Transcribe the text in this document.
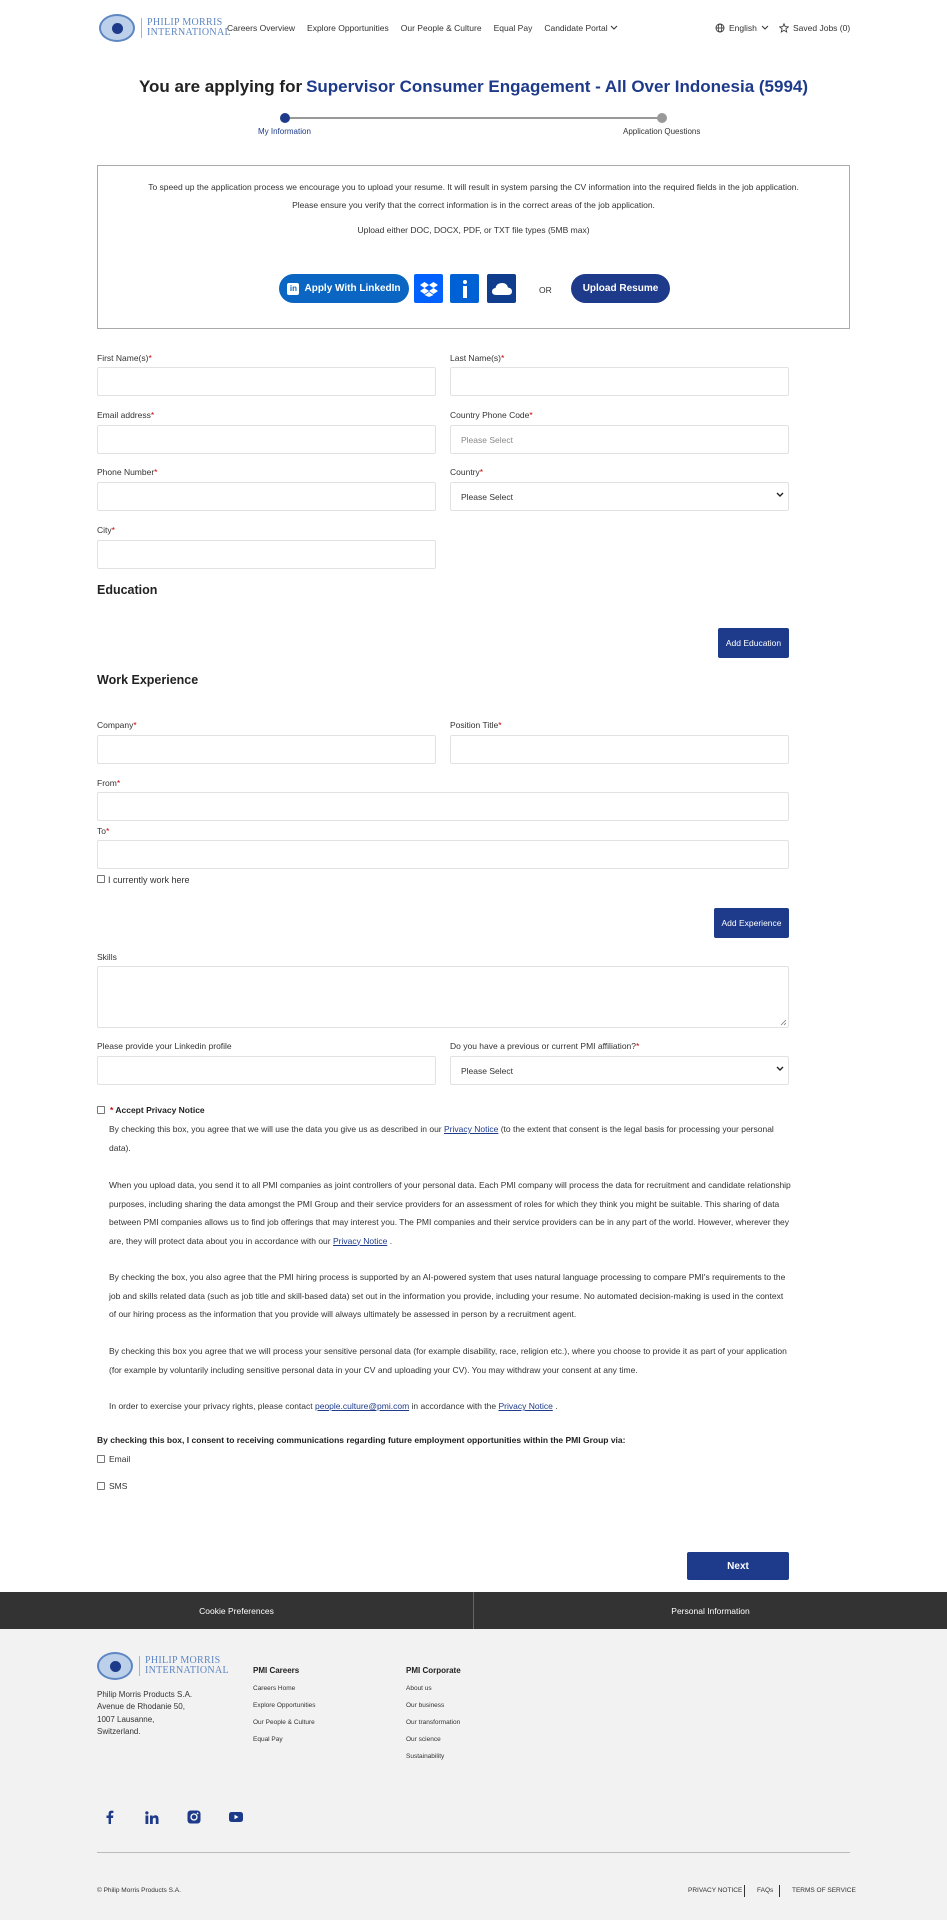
PHILIP MORRIS
INTERNATIONAL
Careers Overview Explore Opportunities Our People & Culture Equal Pay Candidate Portal	English	Saved Jobs (0)
You are applying for Supervisor Consumer Engagement - All Over Indonesia (5994)
My Information	Application Questions
To speed up the application process we encourage you to upload your resume. It will result in system parsing the CV information into the required fields in the job application.
Please ensure you verify that the correct information is in the correct areas of the job application.
Upload either DOC, DOCX, PDF, or TXT file types (5MB max)
in Apply With LinkedIn	OR	Upload Resume
First Name(s)*	Last Name(s)*
Email address*	Country Phone Code*
Please Select
Phone Number*	Country*
Please Select
City*
Education
Add Education
Work Experience
Company*	Position Title*
From*
To*
I currently work here
Add Experience
Skills
Please provide your Linkedin profile	Do you have a previous or current PMI affiliation?*
Please Select
* Accept Privacy Notice
By checking this box, you agree that we will use the data you give us as described in our Privacy Notice (to the extent that consent is the legal basis for processing your personal data).
When you upload data, you send it to all PMI companies as joint controllers of your personal data. Each PMI company will process the data for recruitment and candidate relationship purposes, including sharing the data amongst the PMI Group and their service providers for an assessment of roles for which they think you might be suitable. This sharing of data between PMI companies allows us to find job offerings that may interest you. The PMI companies and their service providers can be in any part of the world. However, wherever they are, they will protect data about you in accordance with our Privacy Notice .
By checking the box, you also agree that the PMI hiring process is supported by an AI-powered system that uses natural language processing to compare PMI's requirements to the job and skills related data (such as job title and skill-based data) set out in the information you provide, including your resume. No automated decision-making is used in the context of our hiring process as the information that you provide will always ultimately be assessed in person by a recruitment agent.
By checking this box you agree that we will process your sensitive personal data (for example disability, race, religion etc.), where you choose to provide it as part of your application (for example by voluntarily including sensitive personal data in your CV and uploading your CV). You may withdraw your consent at any time.
In order to exercise your privacy rights, please contact people.culture@pmi.com in accordance with the Privacy Notice .
By checking this box, I consent to receiving communications regarding future employment opportunities within the PMI Group via:
Email
SMS
Next
Cookie Preferences	Personal Information
PHILIP MORRIS
INTERNATIONAL
Philip Morris Products S.A.
Avenue de Rhodanie 50,
1007 Lausanne,
Switzerland.
PMI Careers
Careers Home
Explore Opportunities
Our People & Culture
Equal Pay
PMI Corporate
About us
Our business
Our transformation
Our science
Sustainability
© Philip Morris Products S.A.	PRIVACY NOTICE FAQs	TERMS OF SERVICE
